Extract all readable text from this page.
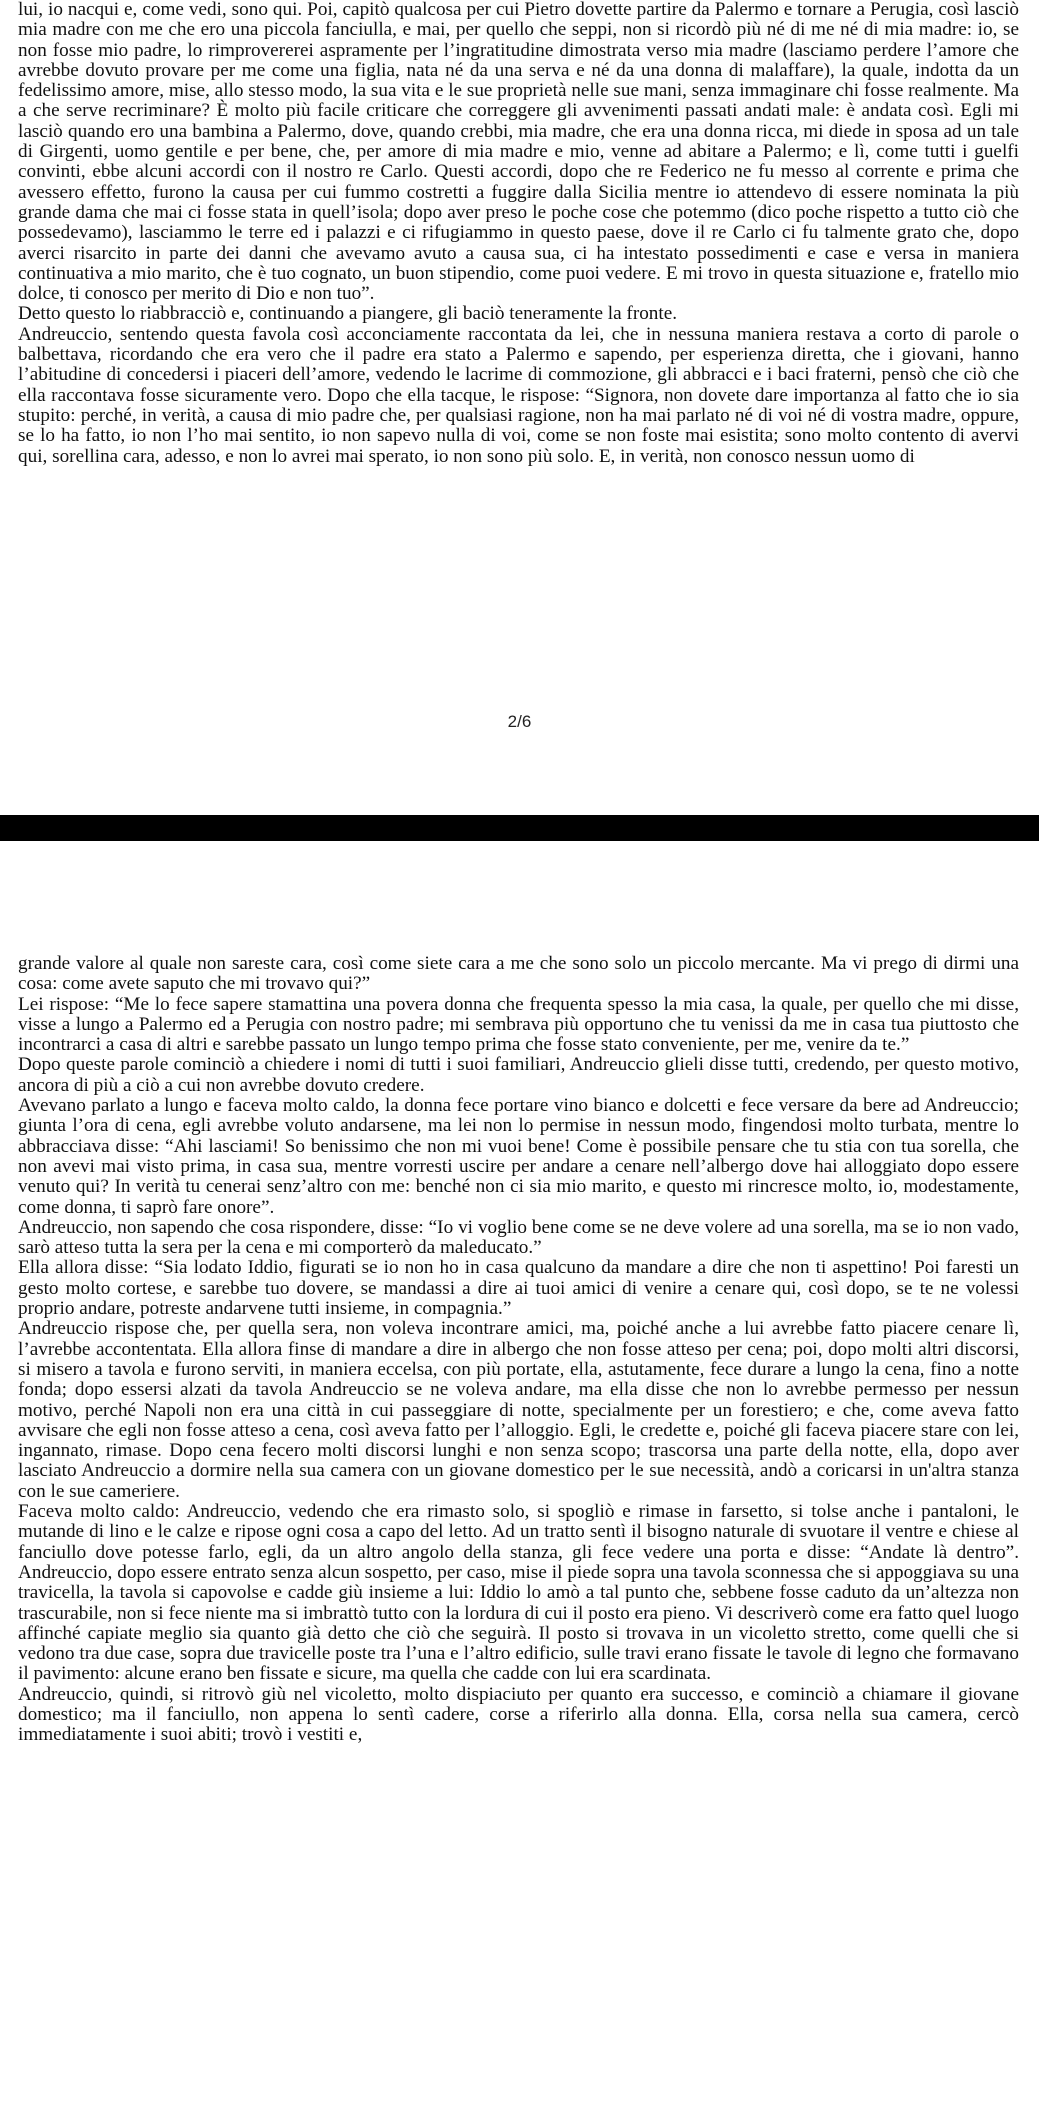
lui, io nacqui e, come vedi, sono qui. Poi, capitò qualcosa per cui Pietro dovette partire da Palermo e tornare a Perugia, così lasciò mia madre con me che ero una piccola fanciulla, e mai, per quello che seppi, non si ricordò più né di me né di mia madre: io, se non fosse mio padre, lo rimprovererei aspramente per l’ingratitudine dimostrata verso mia madre (lasciamo perdere l’amore che avrebbe dovuto provare per me come una figlia, nata né da una serva e né da una donna di malaffare), la quale, indotta da un fedelissimo amore, mise, allo stesso modo, la sua vita e le sue proprietà nelle sue mani, senza immaginare chi fosse realmente. Ma a che serve recriminare? È molto più facile criticare che correggere gli avvenimenti passati andati male: è andata così. Egli mi lasciò quando ero una bambina a Palermo, dove, quando crebbi, mia madre, che era una donna ricca, mi diede in sposa ad un tale di Girgenti, uomo gentile e per bene, che, per amore di mia madre e mio, venne ad abitare a Palermo; e lì, come tutti i guelfi convinti, ebbe alcuni accordi con il nostro re Carlo. Questi accordi, dopo che re Federico ne fu messo al corrente e prima che avessero effetto, furono la causa per cui fummo costretti a fuggire dalla Sicilia mentre io attendevo di essere nominata la più grande dama che mai ci fosse stata in quell’isola; dopo aver preso le poche cose che potemmo (dico poche rispetto a tutto ciò che possedevamo), lasciammo le terre ed i palazzi e ci rifugiammo in questo paese, dove il re Carlo ci fu talmente grato che, dopo averci risarcito in parte dei danni che avevamo avuto a causa sua, ci ha intestato possedimenti e case e versa in maniera continuativa a mio marito, che è tuo cognato, un buon stipendio, come puoi vedere. E mi trovo in questa situazione e, fratello mio dolce, ti conosco per merito di Dio e non tuo”.

Detto questo lo riabbracciò e, continuando a piangere, gli baciò teneramente la fronte.

Andreuccio, sentendo questa favola così acconciamente raccontata da lei, che in nessuna maniera restava a corto di parole o balbettava, ricordando che era vero che il padre era stato a Palermo e sapendo, per esperienza diretta, che i giovani, hanno l’abitudine di concedersi i piaceri dell’amore, vedendo le lacrime di commozione, gli abbracci e i baci fraterni, pensò che ciò che ella raccontava fosse sicuramente vero. Dopo che ella tacque, le rispose: “Signora, non dovete dare importanza al fatto che io sia stupito: perché, in verità, a causa di mio padre che, per qualsiasi ragione, non ha mai parlato né di voi né di vostra madre, oppure, se lo ha fatto, io non l’ho mai sentito, io non sapevo nulla di voi, come se non foste mai esistita; sono molto contento di avervi qui, sorellina cara, adesso, e non lo avrei mai sperato, io non sono più solo. E, in verità, non conosco nessun uomo di

2/6

grande valore al quale non sareste cara, così come siete cara a me che sono solo un piccolo mercante. Ma vi prego di dirmi una cosa: come avete saputo che mi trovavo qui?”

Lei rispose: “Me lo fece sapere stamattina una povera donna che frequenta spesso la mia casa, la quale, per quello che mi disse, visse a lungo a Palermo ed a Perugia con nostro padre; mi sembrava più opportuno che tu venissi da me in casa tua piuttosto che incontrarci a casa di altri e sarebbe passato un lungo tempo prima che fosse stato conveniente, per me, venire da te.”

Dopo queste parole cominciò a chiedere i nomi di tutti i suoi familiari, Andreuccio glieli disse tutti, credendo, per questo motivo, ancora di più a ciò a cui non avrebbe dovuto credere.

Avevano parlato a lungo e faceva molto caldo, la donna fece portare vino bianco e dolcetti e fece versare da bere ad Andreuccio; giunta l’ora di cena, egli avrebbe voluto andarsene, ma lei non lo permise in nessun modo, fingendosi molto turbata, mentre lo abbracciava disse: “Ahi lasciami! So benissimo che non mi vuoi bene! Come è possibile pensare che tu stia con tua sorella, che non avevi mai visto prima, in casa sua, mentre vorresti uscire per andare a cenare nell’albergo dove hai alloggiato dopo essere venuto qui? In verità tu cenerai senz’altro con me: benché non ci sia mio marito, e questo mi rincresce molto, io, modestamente, come donna, ti saprò fare onore”.

Andreuccio, non sapendo che cosa rispondere, disse: “Io vi voglio bene come se ne deve volere ad una sorella, ma se io non vado, sarò atteso tutta la sera per la cena e mi comporterò da maleducato.”

Ella allora disse: “Sia lodato Iddio, figurati se io non ho in casa qualcuno da mandare a dire che non ti aspettino! Poi faresti un gesto molto cortese, e sarebbe tuo dovere, se mandassi a dire ai tuoi amici di venire a cenare qui, così dopo, se te ne volessi proprio andare, potreste andarvene tutti insieme, in compagnia.”

Andreuccio rispose che, per quella sera, non voleva incontrare amici, ma, poiché anche a lui avrebbe fatto piacere cenare lì, l’avrebbe accontentata. Ella allora finse di mandare a dire in albergo che non fosse atteso per cena; poi, dopo molti altri discorsi, si misero a tavola e furono serviti, in maniera eccelsa, con più portate, ella, astutamente, fece durare a lungo la cena, fino a notte fonda; dopo essersi alzati da tavola Andreuccio se ne voleva andare, ma ella disse che non lo avrebbe permesso per nessun motivo, perché Napoli non era una città in cui passeggiare di notte, specialmente per un forestiero; e che, come aveva fatto avvisare che egli non fosse atteso a cena, così aveva fatto per l’alloggio. Egli, le credette e, poiché gli faceva piacere stare con lei, ingannato, rimase. Dopo cena fecero molti discorsi lunghi e non senza scopo; trascorsa una parte della notte, ella, dopo aver lasciato Andreuccio a dormire nella sua camera con un giovane domestico per le sue necessità, andò a coricarsi in un'altra stanza con le sue cameriere.

Faceva molto caldo: Andreuccio, vedendo che era rimasto solo, si spogliò e rimase in farsetto, si tolse anche i pantaloni, le mutande di lino e le calze e ripose ogni cosa a capo del letto. Ad un tratto sentì il bisogno naturale di svuotare il ventre e chiese al fanciullo dove potesse farlo, egli, da un altro angolo della stanza, gli fece vedere una porta e disse: “Andate là dentro”. Andreuccio, dopo essere entrato senza alcun sospetto, per caso, mise il piede sopra una tavola sconnessa che si appoggiava su una travicella, la tavola si capovolse e cadde giù insieme a lui: Iddio lo amò a tal punto che, sebbene fosse caduto da un’altezza non trascurabile, non si fece niente ma si imbrattò tutto con la lordura di cui il posto era pieno. Vi descriverò come era fatto quel luogo affinché capiate meglio sia quanto già detto che ciò che seguirà. Il posto si trovava in un vicoletto stretto, come quelli che si vedono tra due case, sopra due travicelle poste tra l’una e l’altro edificio, sulle travi erano fissate le tavole di legno che formavano il pavimento: alcune erano ben fissate e sicure, ma quella che cadde con lui era scardinata.

Andreuccio, quindi, si ritrovò giù nel vicoletto, molto dispiaciuto per quanto era successo, e cominciò a chiamare il giovane domestico; ma il fanciullo, non appena lo sentì cadere, corse a riferirlo alla donna. Ella, corsa nella sua camera, cercò immediatamente i suoi abiti; trovò i vestiti e,
